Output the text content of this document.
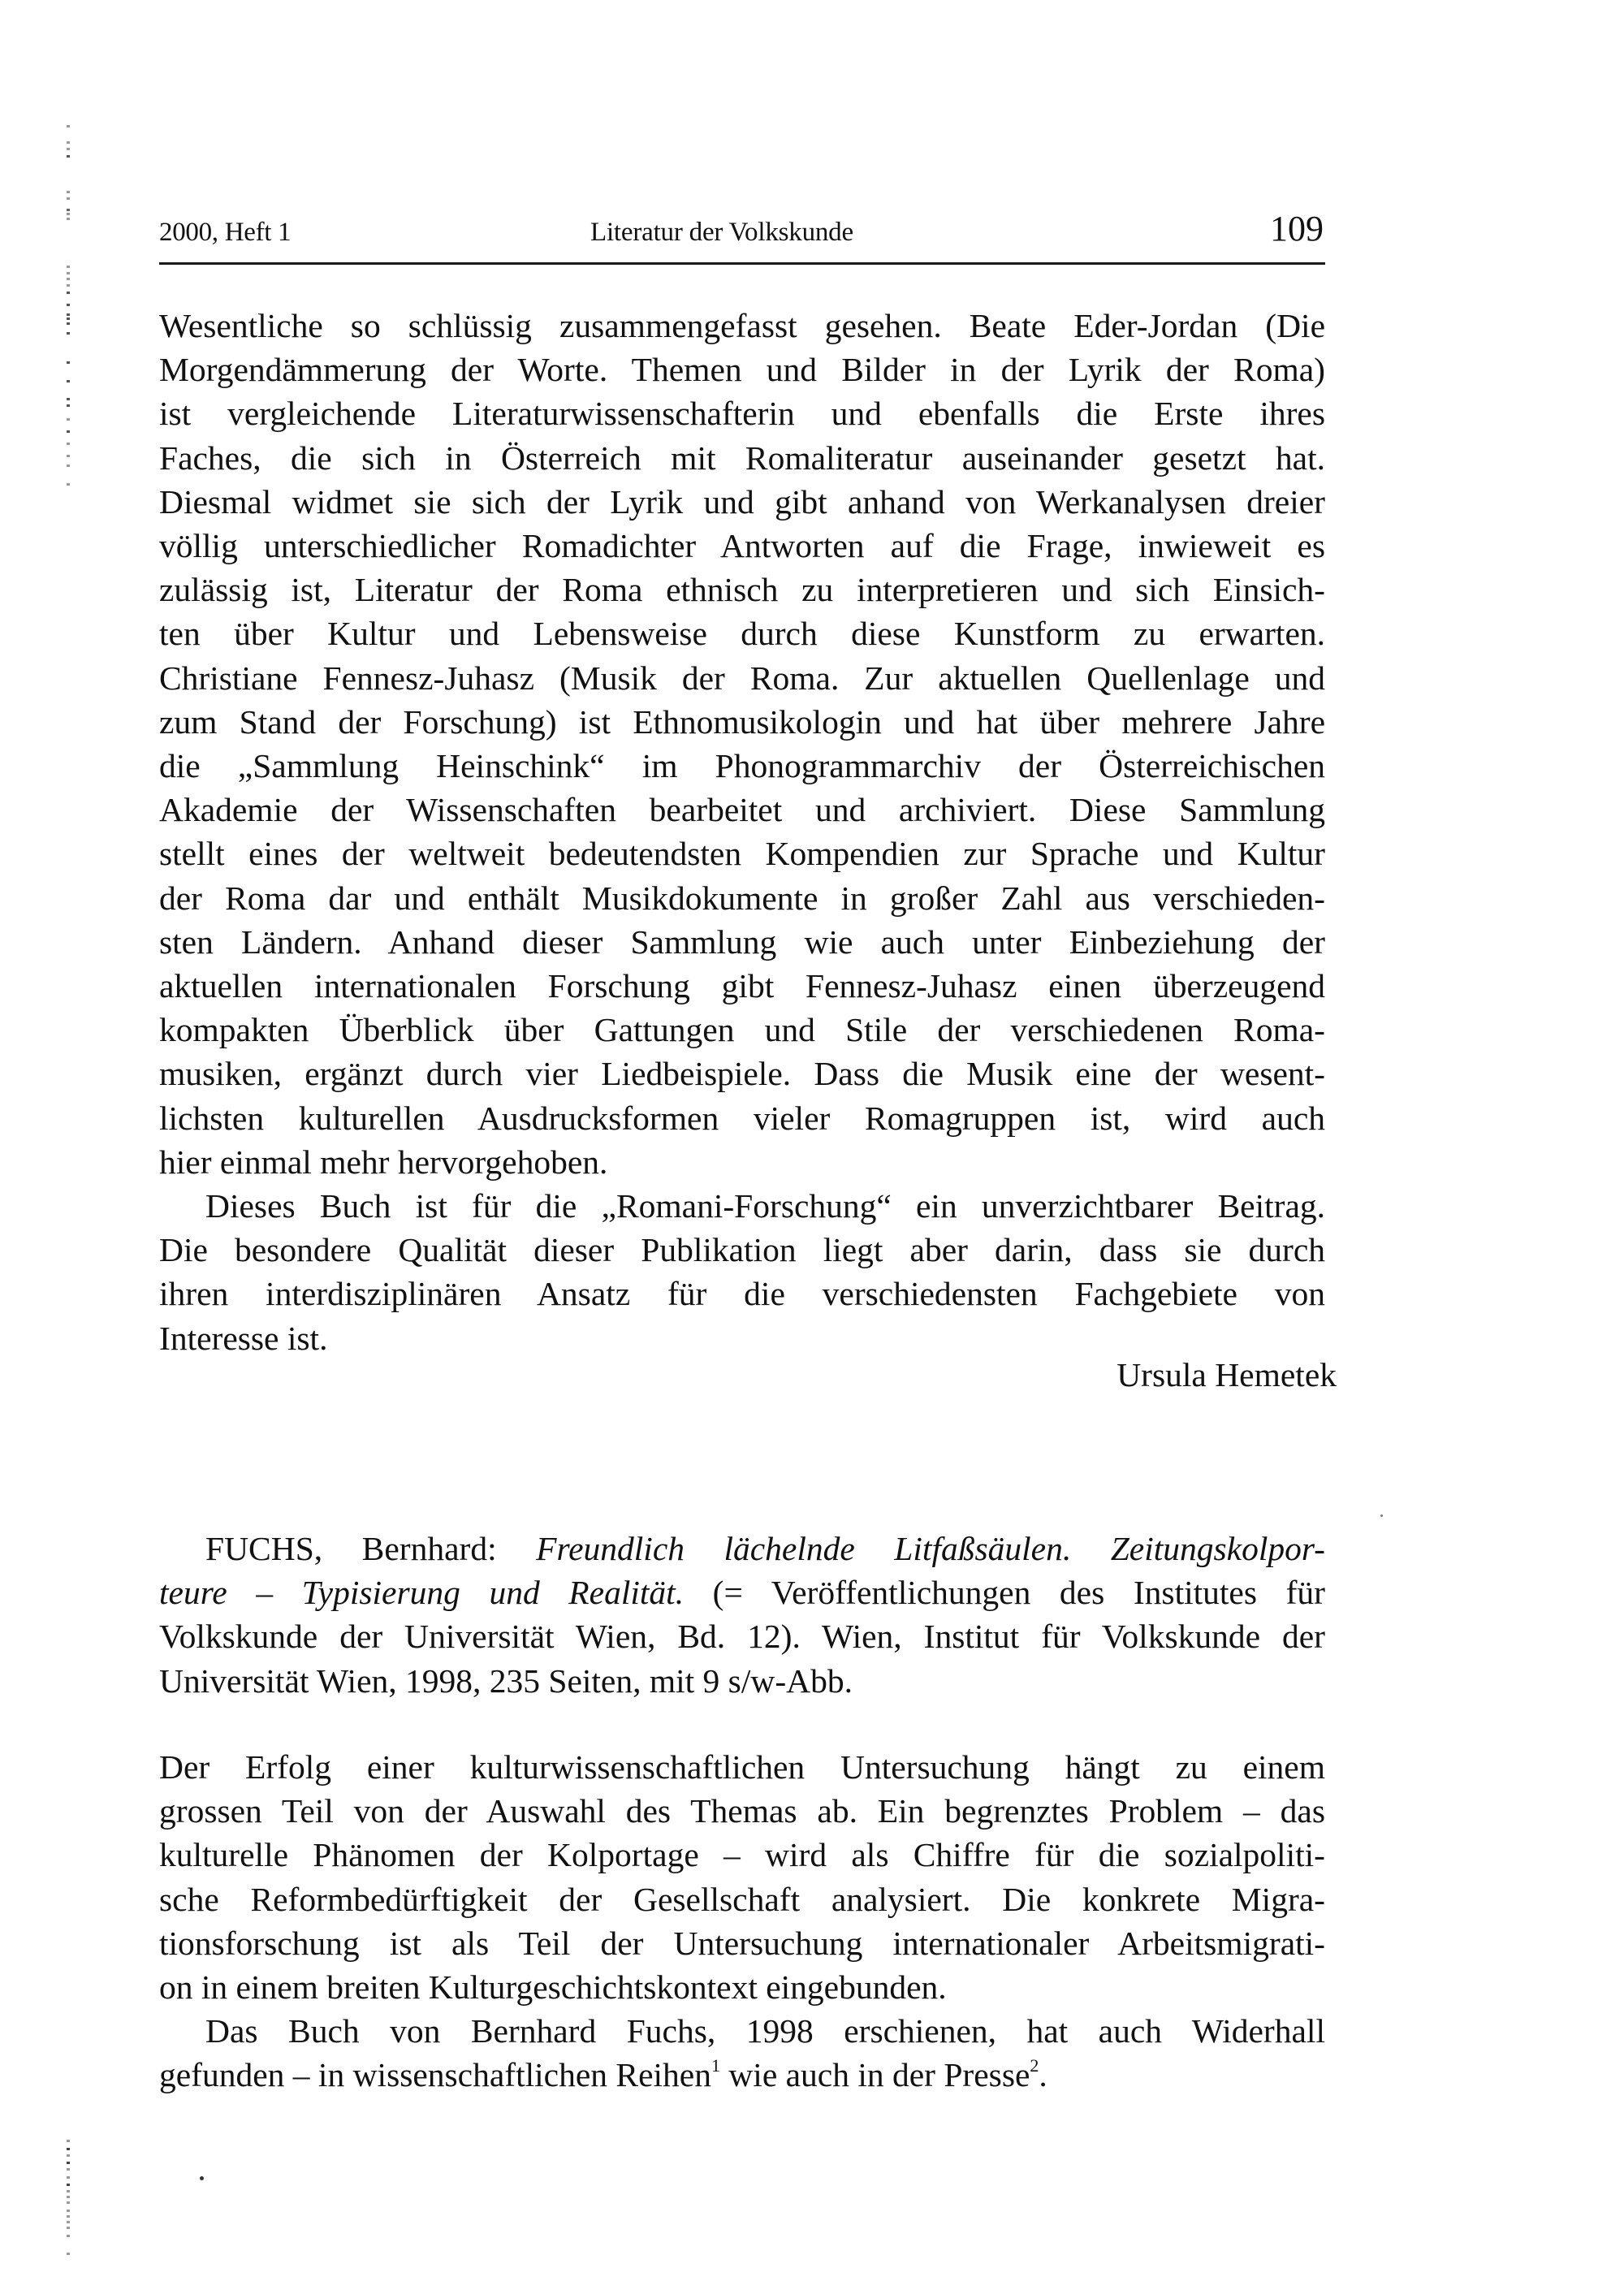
2000, Heft 1	Literatur der Volkskunde	109
Wesentliche so schlüssig zusammengefasst gesehen. Beate Eder-Jordan (Die
Morgendämmerung der Worte. Themen und Bilder in der Lyrik der Roma)
ist vergleichende Literaturwissenschafterin und ebenfalls die Erste ihres
Faches, die sich in Österreich mit Romaliteratur auseinander gesetzt hat.
Diesmal widmet sie sich der Lyrik und gibt anhand von Werkanalysen dreier
völlig unterschiedlicher Romadichter Antworten auf die Frage, inwieweit es
zulässig ist, Literatur der Roma ethnisch zu interpretieren und sich Einsich-
ten über Kultur und Lebensweise durch diese Kunstform zu erwarten.
Christiane Fennesz-Juhasz (Musik der Roma. Zur aktuellen Quellenlage und
zum Stand der Forschung) ist Ethnomusikologin und hat über mehrere Jahre
die „Sammlung Heinschink“ im Phonogrammarchiv der Österreichischen
Akademie der Wissenschaften bearbeitet und archiviert. Diese Sammlung
stellt eines der weltweit bedeutendsten Kompendien zur Sprache und Kultur
der Roma dar und enthält Musikdokumente in großer Zahl aus verschieden-
sten Ländern. Anhand dieser Sammlung wie auch unter Einbeziehung der
aktuellen internationalen Forschung gibt Fennesz-Juhasz einen überzeugend
kompakten Überblick über Gattungen und Stile der verschiedenen Roma-
musiken, ergänzt durch vier Liedbeispiele. Dass die Musik eine der wesent-
lichsten kulturellen Ausdrucksformen vieler Romagruppen ist, wird auch
hier einmal mehr hervorgehoben.
Dieses Buch ist für die „Romani-Forschung“ ein unverzichtbarer Beitrag.
Die besondere Qualität dieser Publikation liegt aber darin, dass sie durch
ihren interdisziplinären Ansatz für die verschiedensten Fachgebiete von
Interesse ist.
Ursula Hemetek
FUCHS, Bernhard: Freundlich lächelnde Litfaßsäulen. Zeitungskolpor-
teure – Typisierung und Realität. (= Veröffentlichungen des Institutes für
Volkskunde der Universität Wien, Bd. 12). Wien, Institut für Volkskunde der
Universität Wien, 1998, 235 Seiten, mit 9 s/w-Abb.
Der Erfolg einer kulturwissenschaftlichen Untersuchung hängt zu einem
grossen Teil von der Auswahl des Themas ab. Ein begrenztes Problem – das
kulturelle Phänomen der Kolportage – wird als Chiffre für die sozialpoliti-
sche Reformbedürftigkeit der Gesellschaft analysiert. Die konkrete Migra-
tionsforschung ist als Teil der Untersuchung internationaler Arbeitsmigrati-
on in einem breiten Kulturgeschichtskontext eingebunden.
Das Buch von Bernhard Fuchs, 1998 erschienen, hat auch Widerhall
gefunden – in wissenschaftlichen Reihen$^1$ wie auch in der Presse$^2$.
